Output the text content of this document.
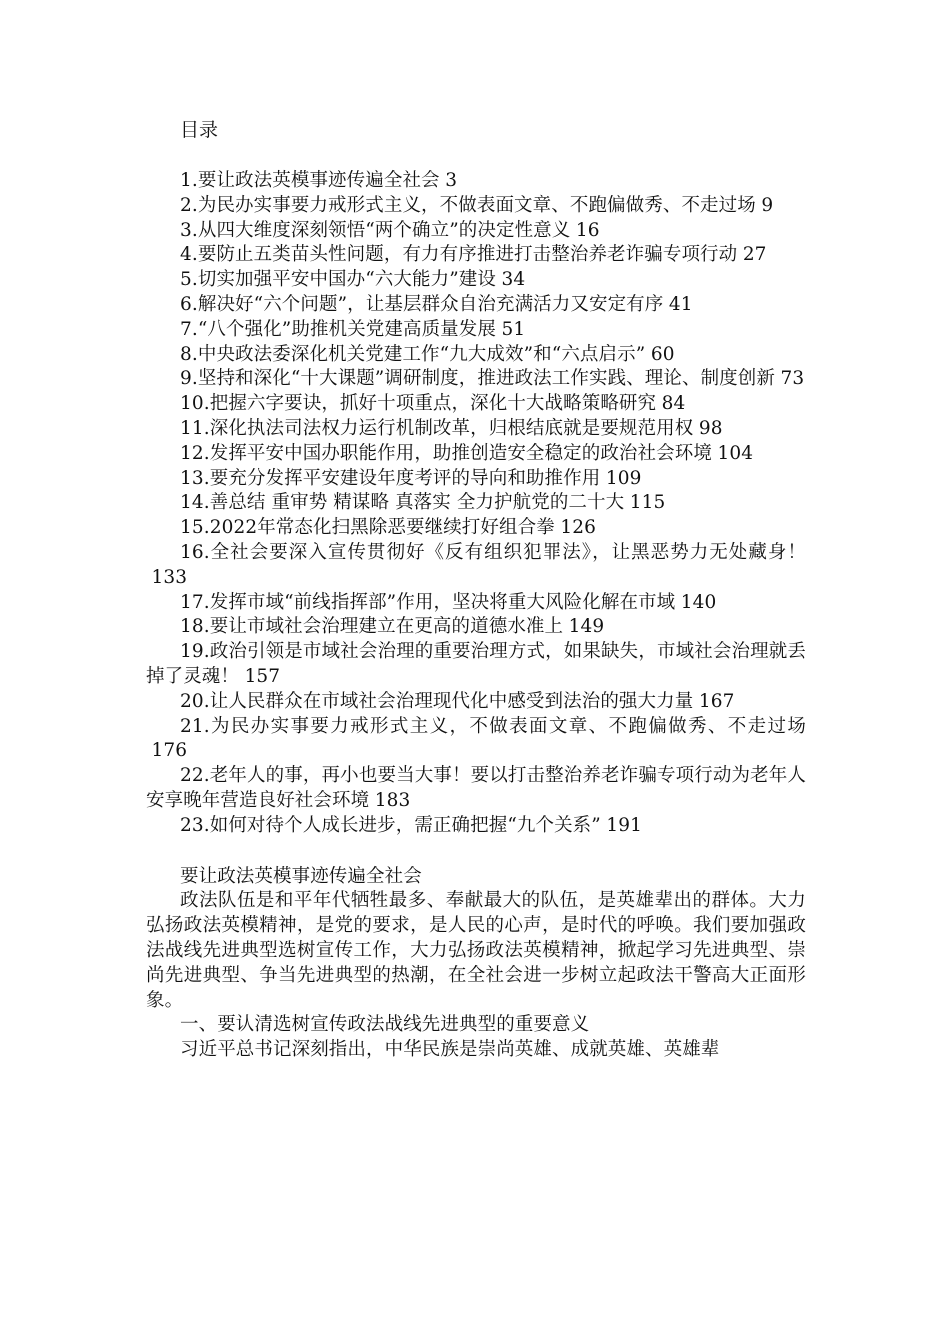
目录

1.要让政法英模事迹传遍全社会 3
2.为民办实事要力戒形式主义，不做表面文章、不跑偏做秀、不走过场 9
3.从四大维度深刻领悟“两个确立”的决定性意义 16
4.要防止五类苗头性问题，有力有序推进打击整治养老诈骗专项行动 27
5.切实加强平安中国办“六大能力”建设 34
6.解决好“六个问题”，让基层群众自治充满活力又安定有序 41
7.“八个强化”助推机关党建高质量发展 51
8.中央政法委深化机关党建工作“九大成效”和“六点启示” 60
9.坚持和深化“十大课题”调研制度，推进政法工作实践、理论、制度创新 73
10.把握六字要诀，抓好十项重点，深化十大战略策略研究 84
11.深化执法司法权力运行机制改革，归根结底就是要规范用权 98
12.发挥平安中国办职能作用，助推创造安全稳定的政治社会环境 104
13.要充分发挥平安建设年度考评的导向和助推作用 109
14.善总结 重审势 精谋略 真落实 全力护航党的二十大 115
15.2022年常态化扫黑除恶要继续打好组合拳 126
16.全社会要深入宣传贯彻好《反有组织犯罪法》，让黑恶势力无处藏身！133
17.发挥市域“前线指挥部”作用，坚决将重大风险化解在市域 140
18.要让市域社会治理建立在更高的道德水准上 149
19.政治引领是市域社会治理的重要治理方式，如果缺失，市域社会治理就丢掉了灵魂！ 157
20.让人民群众在市域社会治理现代化中感受到法治的强大力量 167
21.为民办实事要力戒形式主义，不做表面文章、不跑偏做秀、不走过场176
22.老年人的事，再小也要当大事！要以打击整治养老诈骗专项行动为老年人安享晚年营造良好社会环境 183
23.如何对待个人成长进步，需正确把握“九个关系” 191

要让政法英模事迹传遍全社会

政法队伍是和平年代牺牲最多、奉献最大的队伍，是英雄辈出的群体。大力弘扬政法英模精神，是党的要求，是人民的心声，是时代的呼唤。我们要加强政法战线先进典型选树宣传工作，大力弘扬政法英模精神，掀起学习先进典型、崇尚先进典型、争当先进典型的热潮，在全社会进一步树立起政法干警高大正面形象。

一、要认清选树宣传政法战线先进典型的重要意义

习近平总书记深刻指出，中华民族是崇尚英雄、成就英雄、英雄辈
